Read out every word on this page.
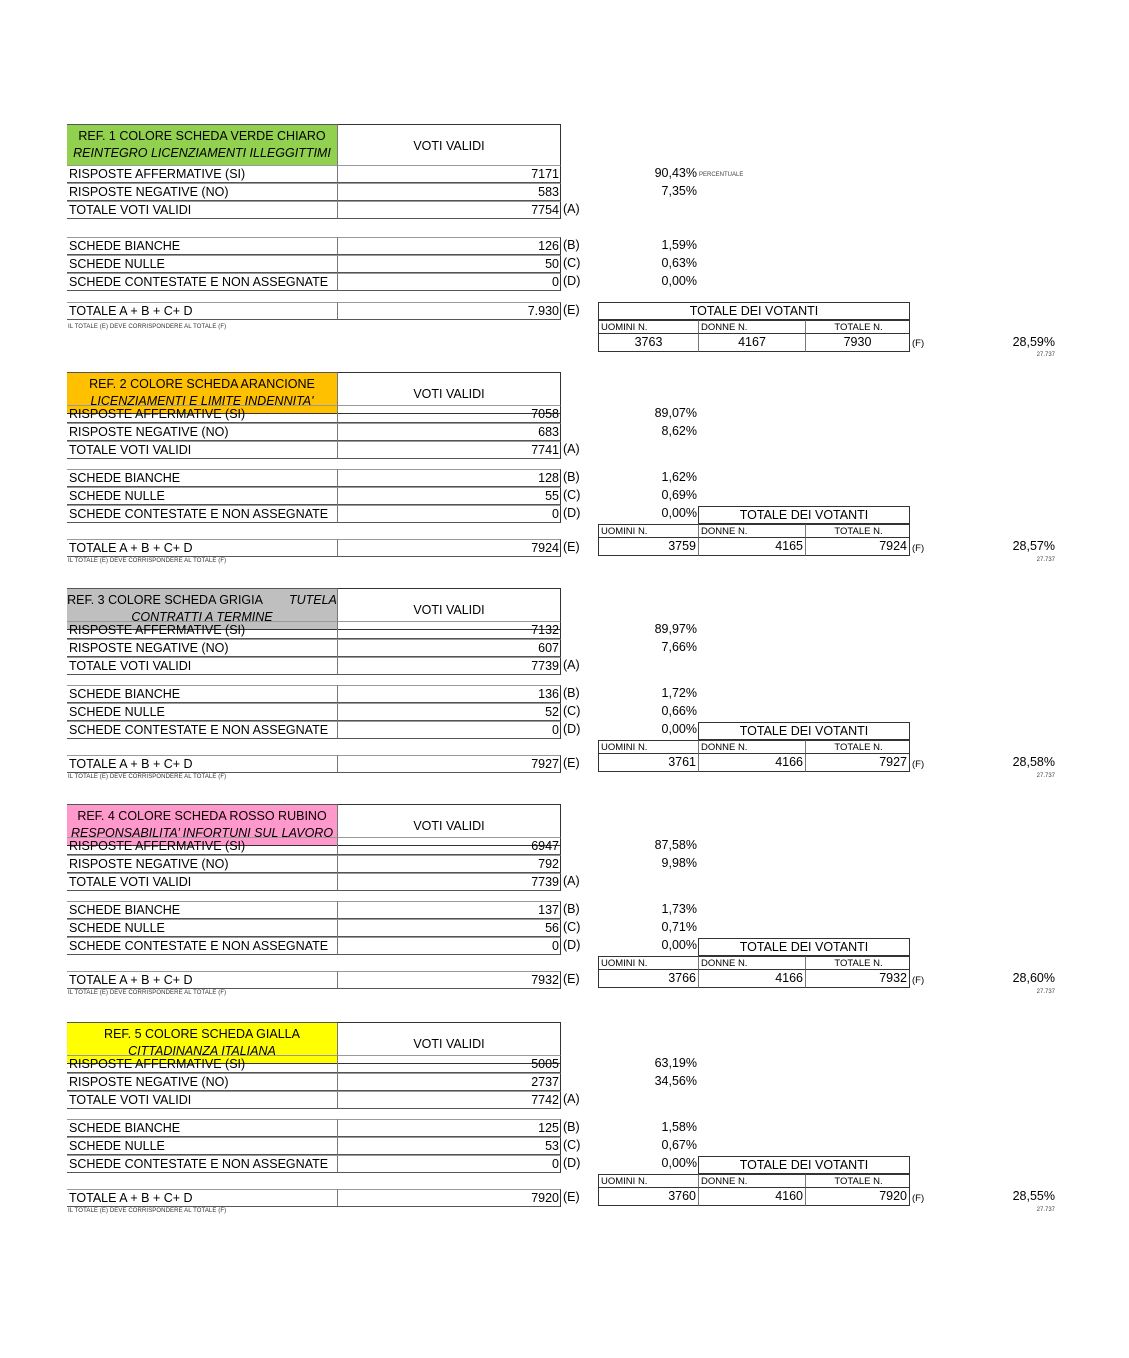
REF. 1 COLORE SCHEDA VERDE CHIARO
REINTEGRO LICENZIAMENTI ILLEGGITTIMI	VOTI VALIDI
RISPOSTE AFFERMATIVE (SI)	7171	90,43% PERCENTUALE
RISPOSTE NEGATIVE (NO)	583	7,35%
TOTALE VOTI VALIDI	7754 (A)
SCHEDE BIANCHE	126 (B)	1,59%
SCHEDE NULLE	50 (C)	0,63%
SCHEDE CONTESTATE E NON ASSEGNATE	0 (D)	0,00%
TOTALE A + B + C+ D	7.930 (E)
IL TOTALE (E) DEVE CORRISPONDERE AL TOTALE (F)
TOTALE DEI VOTANTI
UOMINI N.	DONNE N.	TOTALE N.
3763	4167	7930	(F)	28,59%
27.737
REF. 2 COLORE SCHEDA ARANCIONE
LICENZIAMENTI E LIMITE INDENNITA'	VOTI VALIDI
RISPOSTE AFFERMATIVE (SI)	7058	89,07%
RISPOSTE NEGATIVE (NO)	683	8,62%
TOTALE VOTI VALIDI	7741 (A)
SCHEDE BIANCHE	128 (B)	1,62%
SCHEDE NULLE	55 (C)	0,69%
SCHEDE CONTESTATE E NON ASSEGNATE	0 (D)	0,00%
TOTALE A + B + C+ D	7924 (E)
IL TOTALE (E) DEVE CORRISPONDERE AL TOTALE (F)
TOTALE DEI VOTANTI
UOMINI N.	DONNE N.	TOTALE N.
3759	4165	7924 (F)	28,57%
27.737
REF. 3 COLORE SCHEDA GRIGIA TUTELA
CONTRATTI A TERMINE	VOTI VALIDI
RISPOSTE AFFERMATIVE (SI)	7132	89,97%
RISPOSTE NEGATIVE (NO)	607	7,66%
TOTALE VOTI VALIDI	7739 (A)
SCHEDE BIANCHE	136 (B)	1,72%
SCHEDE NULLE	52 (C)	0,66%
SCHEDE CONTESTATE E NON ASSEGNATE	0 (D)	0,00%
TOTALE A + B + C+ D	7927 (E)
IL TOTALE (E) DEVE CORRISPONDERE AL TOTALE (F)
TOTALE DEI VOTANTI
UOMINI N.	DONNE N.	TOTALE N.
3761	4166	7927 (F)	28,58%
27.737
REF. 4 COLORE SCHEDA ROSSO RUBINO
RESPONSABILITA’ INFORTUNI SUL LAVORO	VOTI VALIDI
RISPOSTE AFFERMATIVE (SI)	6947	87,58%
RISPOSTE NEGATIVE (NO)	792	9,98%
TOTALE VOTI VALIDI	7739 (A)
SCHEDE BIANCHE	137 (B)	1,73%
SCHEDE NULLE	56 (C)	0,71%
SCHEDE CONTESTATE E NON ASSEGNATE	0 (D)	0,00%
TOTALE A + B + C+ D	7932 (E)
IL TOTALE (E) DEVE CORRISPONDERE AL TOTALE (F)
TOTALE DEI VOTANTI
UOMINI N.	DONNE N.	TOTALE N.
3766	4166	7932 (F)	28,60%
27.737
REF. 5 COLORE SCHEDA GIALLA
CITTADINANZA ITALIANA	VOTI VALIDI
RISPOSTE AFFERMATIVE (SI)	5005	63,19%
RISPOSTE NEGATIVE (NO)	2737	34,56%
TOTALE VOTI VALIDI	7742 (A)
SCHEDE BIANCHE	125 (B)	1,58%
SCHEDE NULLE	53 (C)	0,67%
SCHEDE CONTESTATE E NON ASSEGNATE	0 (D)	0,00%
TOTALE A + B + C+ D	7920 (E)
IL TOTALE (E) DEVE CORRISPONDERE AL TOTALE (F)
TOTALE DEI VOTANTI
UOMINI N.	DONNE N.	TOTALE N.
3760	4160	7920 (F)	28,55%
27.737
